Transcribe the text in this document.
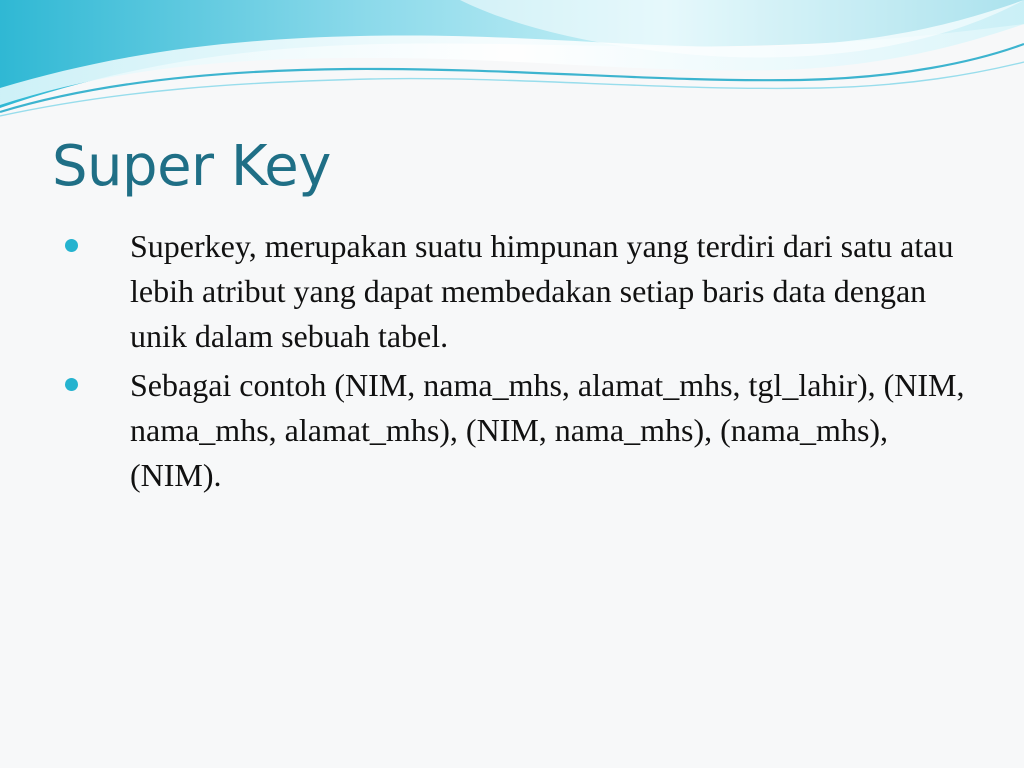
Super Key
Superkey, merupakan suatu himpunan yang terdiri dari satu atau lebih atribut yang dapat membedakan setiap baris data dengan unik dalam sebuah tabel.
Sebagai contoh (NIM, nama_mhs, alamat_mhs, tgl_lahir), (NIM, nama_mhs, alamat_mhs), (NIM, nama_mhs), (nama_mhs), (NIM).
